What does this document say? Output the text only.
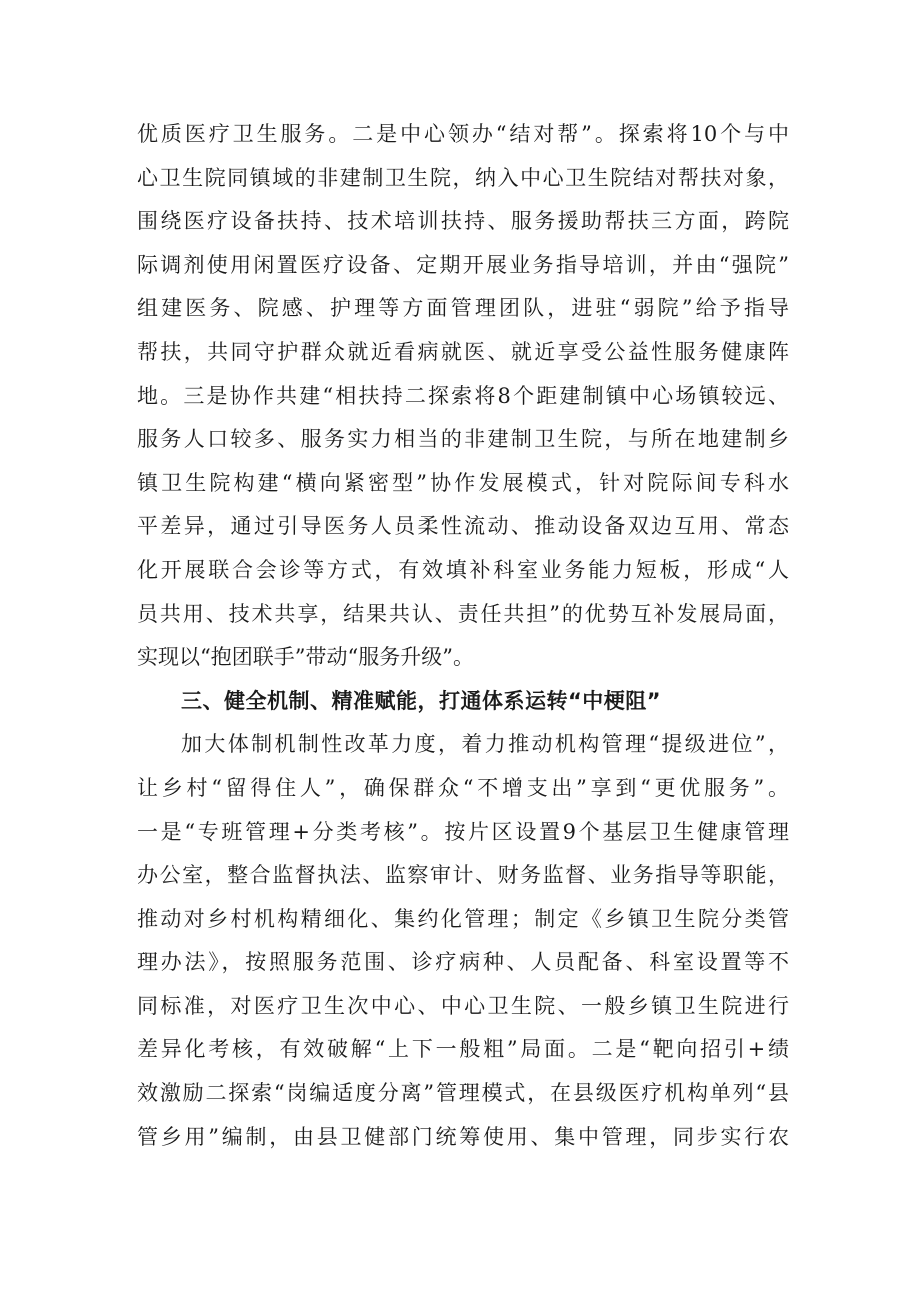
优质医疗卫生服务。二是中心领办“结对帮”。探索将10个与中
心卫生院同镇域的非建制卫生院，纳入中心卫生院结对帮扶对象，
围绕医疗设备扶持、技术培训扶持、服务援助帮扶三方面，跨院
际调剂使用闲置医疗设备、定期开展业务指导培训，并由“强院”
组建医务、院感、护理等方面管理团队，进驻“弱院”给予指导
帮扶，共同守护群众就近看病就医、就近享受公益性服务健康阵
地。三是协作共建“相扶持二探索将8个距建制镇中心场镇较远、
服务人口较多、服务实力相当的非建制卫生院，与所在地建制乡
镇卫生院构建“横向紧密型”协作发展模式，针对院际间专科水
平差异，通过引导医务人员柔性流动、推动设备双边互用、常态
化开展联合会诊等方式，有效填补科室业务能力短板，形成“人
员共用、技术共享，结果共认、责任共担”的优势互补发展局面，
实现以“抱团联手”带动“服务升级”。
三、健全机制、精准赋能，打通体系运转“中梗阻”
加大体制机制性改革力度，着力推动机构管理“提级进位”，
让乡村“留得住人”，确保群众“不增支出”享到“更优服务”。
一是“专班管理+分类考核”。按片区设置9个基层卫生健康管理
办公室，整合监督执法、监察审计、财务监督、业务指导等职能，
推动对乡村机构精细化、集约化管理；制定《乡镇卫生院分类管
理办法》，按照服务范围、诊疗病种、人员配备、科室设置等不
同标准，对医疗卫生次中心、中心卫生院、一般乡镇卫生院进行
差异化考核，有效破解“上下一般粗”局面。二是“靶向招引+绩
效激励二探索“岗编适度分离”管理模式，在县级医疗机构单列“县
管乡用”编制，由县卫健部门统筹使用、集中管理，同步实行农
